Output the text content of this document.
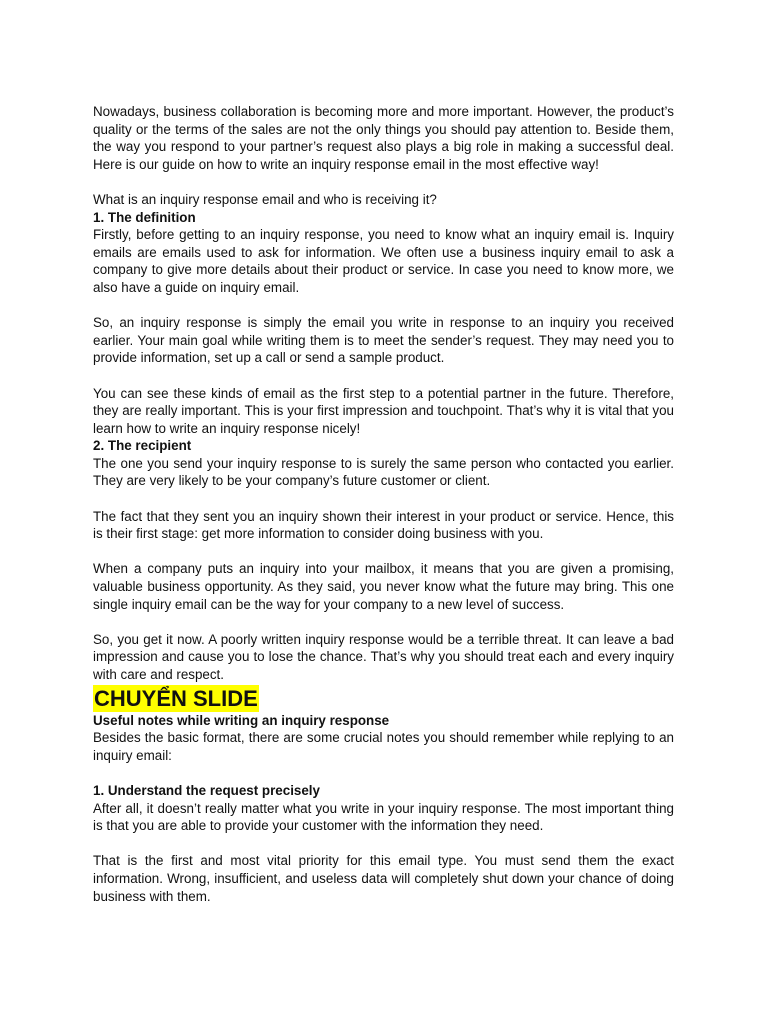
Nowadays, business collaboration is becoming more and more important. However, the product’s quality or the terms of the sales are not the only things you should pay attention to. Beside them, the way you respond to your partner’s request also plays a big role in making a successful deal. Here is our guide on how to write an inquiry response email in the most effective way!

What is an inquiry response email and who is receiving it?

1. The definition

Firstly, before getting to an inquiry response, you need to know what an inquiry email is. Inquiry emails are emails used to ask for information. We often use a business inquiry email to ask a company to give more details about their product or service. In case you need to know more, we also have a guide on inquiry email.

So, an inquiry response is simply the email you write in response to an inquiry you received earlier. Your main goal while writing them is to meet the sender’s request. They may need you to provide information, set up a call or send a sample product.

You can see these kinds of email as the first step to a potential partner in the future. Therefore, they are really important. This is your first impression and touchpoint. That’s why it is vital that you learn how to write an inquiry response nicely!

2. The recipient

The one you send your inquiry response to is surely the same person who contacted you earlier. They are very likely to be your company’s future customer or client.

The fact that they sent you an inquiry shown their interest in your product or service. Hence, this is their first stage: get more information to consider doing business with you.

When a company puts an inquiry into your mailbox, it means that you are given a promising, valuable business opportunity. As they said, you never know what the future may bring. This one single inquiry email can be the way for your company to a new level of success.

So, you get it now. A poorly written inquiry response would be a terrible threat. It can leave a bad impression and cause you to lose the chance. That’s why you should treat each and every inquiry with care and respect.

CHUYỂN SLIDE

Useful notes while writing an inquiry response

Besides the basic format, there are some crucial notes you should remember while replying to an inquiry email:

1. Understand the request precisely

After all, it doesn’t really matter what you write in your inquiry response. The most important thing is that you are able to provide your customer with the information they need.

That is the first and most vital priority for this email type. You must send them the exact information. Wrong, insufficient, and useless data will completely shut down your chance of doing business with them.
